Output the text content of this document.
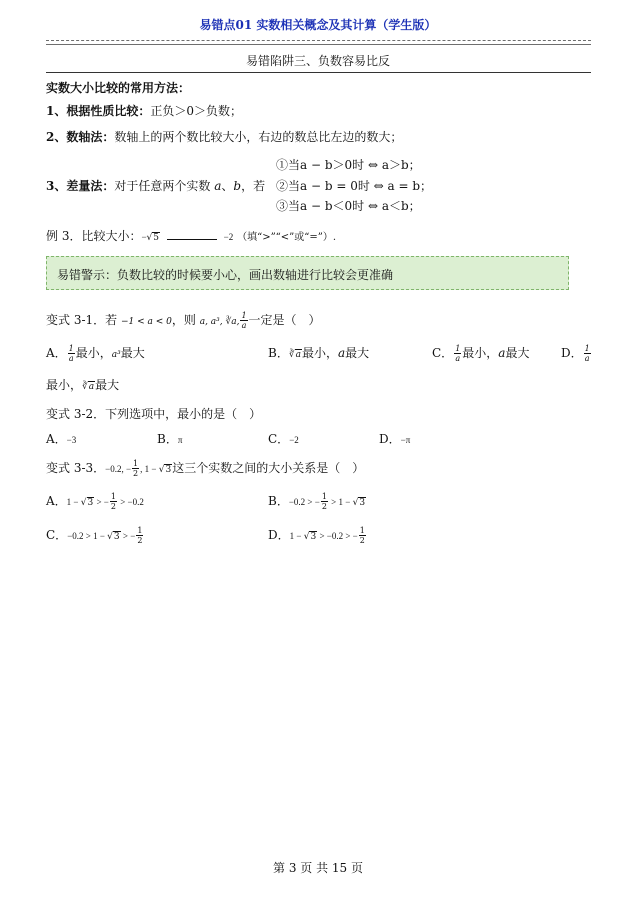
易错点01 实数相关概念及其计算（学生版）
易错陷阱三、负数容易比反
实数大小比较的常用方法：
1、根据性质比较：正负＞0＞负数；
2、数轴法：数轴上的两个数比较大小，右边的数总比左边的数大；
①当a − b＞0时 ⇔ a＞b；
3、差量法：对于任意两个实数 a、b，若 ②当a − b = 0时 ⇔ a = b；
③当a − b＜0时 ⇔ a＜b；
例 3．比较大小：−√5	−2 （填“>”“<”或“=”）.
易错警示：负数比较的时候要小心，画出数轴进行比较会更准确
变式 3-1．若 −1 < a < 0，则 a, a³, ∛a, $\frac{1}{a}$ 一定是（　）
A． $\frac{1}{a}$ 最小，a³最大	B．∛a最小，a最大	C． $\frac{1}{a}$ 最小，a最大	D． $\frac{1}{a}$
最小，∛a最大
变式 3-2．下列选项中，最小的是（　）
A．−3	B．π	C．−2	D．−π
变式 3-3．−0.2, − $\frac{1}{2}$ , 1 − √3这三个实数之间的大小关系是（　）
A．1 − √3 > − $\frac{1}{2} > -0.2$	B．−0.2 > − $\frac{1}{2} > 1 - √3$
C．−0.2 > 1 − √3 > − $\frac{1}{2}$	D．1 − √3 > −0.2 > − $\frac{1}{2}$
第 3 页 共 15 页
